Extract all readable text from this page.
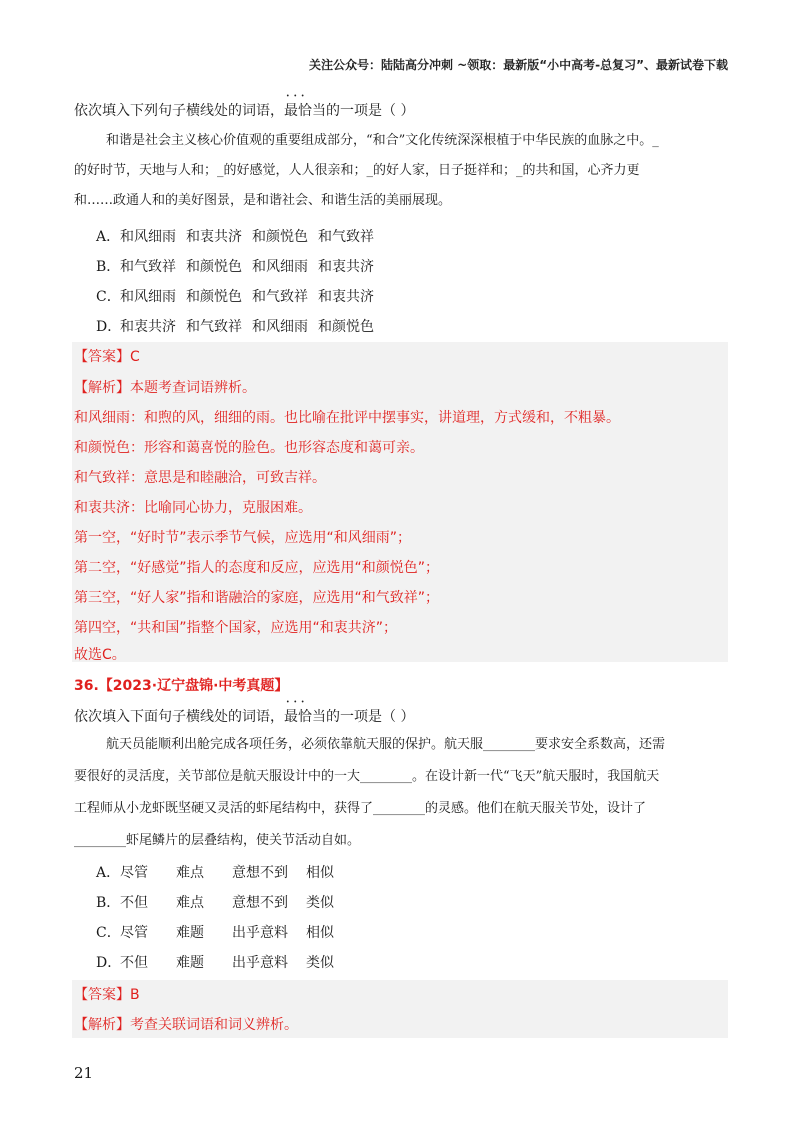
关注公众号：陆陆高分冲刺 ~领取：最新版“小中高考-总复习”、最新试卷下载
依次填入下列句子横线处的词语，• • • 最恰当的一项是（ ）
和谐是社会主义核心价值观的重要组成部分，“和合”文化传统深深根植于中华民族的血脉之中。_
的好时节，天地与人和；_的好感觉，人人很亲和；_的好人家，日子挺祥和；_的共和国，心齐力更
和……政通人和的美好图景，是和谐社会、和谐生活的美丽展现。
A．和风细雨 和衷共济 和颜悦色 和气致祥
B．和气致祥 和颜悦色 和风细雨 和衷共济
C．和风细雨 和颜悦色 和气致祥 和衷共济
D．和衷共济 和气致祥 和风细雨 和颜悦色
【答案】C
【解析】本题考查词语辨析。
和风细雨：和煦的风，细细的雨。也比喻在批评中摆事实，讲道理，方式缓和，不粗暴。
和颜悦色：形容和蔼喜悦的脸色。也形容态度和蔼可亲。
和气致祥：意思是和睦融洽，可致吉祥。
和衷共济：比喻同心协力，克服困难。
第一空，“好时节”表示季节气候，应选用“和风细雨”；
第二空，“好感觉”指人的态度和反应，应选用“和颜悦色”；
第三空，“好人家”指和谐融洽的家庭，应选用“和气致祥”；
第四空，“共和国”指整个国家，应选用“和衷共济”；
故选C。
36.【2023·辽宁盘锦·中考真题】
依次填入下面句子横线处的词语，• • • 最恰当的一项是（ ）
航天员能顺利出舱完成各项任务，必须依靠航天服的保护。航天服________要求安全系数高，还需
要很好的灵活度，关节部位是航天服设计中的一大________。在设计新一代“飞天”航天服时，我国航天
工程师从小龙虾既坚硬又灵活的虾尾结构中，获得了________的灵感。他们在航天服关节处，设计了
________虾尾鳞片的层叠结构，使关节活动自如。
A．尽管 难点 意想不到 相似
B．不但 难点 意想不到 类似
C．尽管 难题 出乎意料 相似
D．不但 难题 出乎意料 类似
【答案】B
【解析】考查关联词语和词义辨析。
21
